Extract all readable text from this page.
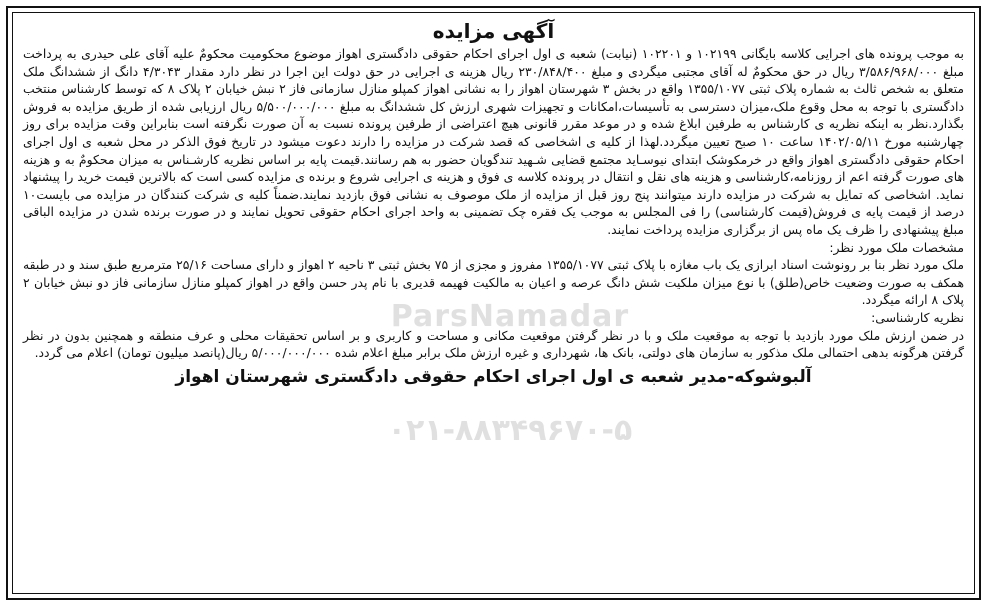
آگهی مزایده

به موجب پرونده های اجرایی کلاسه بایگانی ۱۰۲۱۹۹ و ۱۰۲۲۰۱ (نیابت) شعبه ی اول اجرای احکام حقوقی دادگستری اهواز موضوع محکومیت محکومٌ علیه آقای علی حیدری به پرداخت مبلغ ۳/۵۸۶/۹۶۸/۰۰۰ ریال در حق محکومٌ له آقای مجتبی میگردی و مبلغ ۲۳۰/۸۴۸/۴۰۰ ریال هزینه ی اجرایی در حق دولت این اجرا در نظر دارد مقدار ۴/۳۰۴۳ دانگ از ششدانگ ملک متعلق به شخص ثالث به شماره پلاک ثبتی ۱۳۵۵/۱۰۷۷ واقع در بخش ۳ شهرستان اهواز را به نشانی اهواز کمپلو منازل سازمانی فاز ۲ نبش خیابان ۲ پلاک ۸ که توسط کارشناس منتخب دادگستری با توجه به محل وقوع ملک،میزان دسترسی به تأسیسات،امکانات و تجهیزات شهری ارزش کل ششدانگ به مبلغ ۵/۵۰۰/۰۰۰/۰۰۰ ریال ارزیابی شده از طریق مزایده به فروش بگذارد.نظر به اینکه نظریه ی کارشناس به طرفین ابلاغ شده و در موعد مقرر قانونی هیچ اعتراضی از طرفین پرونده نسبت به آن صورت نگرفته است بنابراین وقت مزایده برای روز چهارشنبه مورخ ۱۴۰۲/۰۵/۱۱ ساعت ۱۰ صبح تعیین میگردد.لهذا از کلیه ی اشخاصی که قصد شرکت در مزایده را دارند دعوت میشود در تاریخ فوق الذکر در محل شعبه ی اول اجرای احکام حقوقی دادگستری اهواز واقع در خرمکوشک ابتدای نیوسـاید مجتمع قضایی شـهید تندگویان حضور به هم رسانند.قیمت پایه بر اساس نظریه کارشـناس به میزان محکومٌ به و هزینه های صورت گرفته اعم از روزنامه،کارشناسی و هزینه های نقل و انتقال در پرونده کلاسه ی فوق و هزینه ی اجرایی شروع و برنده ی مزایده کسی است که بالاترین قیمت خرید را پیشنهاد نماید. اشخاصی که تمایل به شرکت در مزایده دارند میتوانند پنج روز قبل از مزایده از ملک موصوف به نشانی فوق بازدید نمایند.ضمناً کلیه ی شرکت کنندگان در مزایده می بایست۱۰ درصد از قیمت پایه ی فروش(قیمت کارشناسی) را فی المجلس به موجب یک فقره چک تضمینی به واحد اجرای احکام حقوقی تحویل نمایند و در صورت برنده شدن در مزایده الباقی مبلغ پیشنهادی را ظرف یک ماه پس از برگزاری مزایده پرداخت نمایند.

مشخصات ملک مورد نظر:

ملک مورد نظر بنا بر رونوشت اسناد ابرازی یک باب مغازه با پلاک ثبتی ۱۳۵۵/۱۰۷۷ مفروز و مجزی از ۷۵ بخش ثبتی ۳ ناحیه ۲ اهواز و دارای مساحت ۲۵/۱۶ مترمربع طبق سند و در طبقه همکف به صورت وضعیت خاص(طلق) با نوع میزان ملکیت شش دانگ عرصه و اعیان به مالکیت فهیمه قدیری با نام پدر حسن واقع در اهواز کمپلو منازل سازمانی فاز دو نبش خیابان ۲ پلاک ۸ ارائه میگردد.

نظریه کارشناسی:

در ضمن ارزش ملک مورد بازدید با توجه به موقعیت ملک و با در نظر گرفتن موقعیت مکانی و مساحت و کاربری و بر اساس تحقیقات محلی و عرف منطقه و همچنین بدون در نظر گرفتن هرگونه بدهی احتمالی ملک مذکور به سازمان های دولتی، بانک ها، شهرداری و غیره ارزش ملک برابر مبلغ اعلام شده ۵/۰۰۰/۰۰۰/۰۰۰ ریال(پانصد میلیون تومان) اعلام می گردد.

آلبوشوکه-مدیر شعبه ی اول اجرای احکام حقوقی دادگستری شهرستان اهواز
ParsNamadar
۰۲۱-۸۸۳۴۹۶۷۰-۵
